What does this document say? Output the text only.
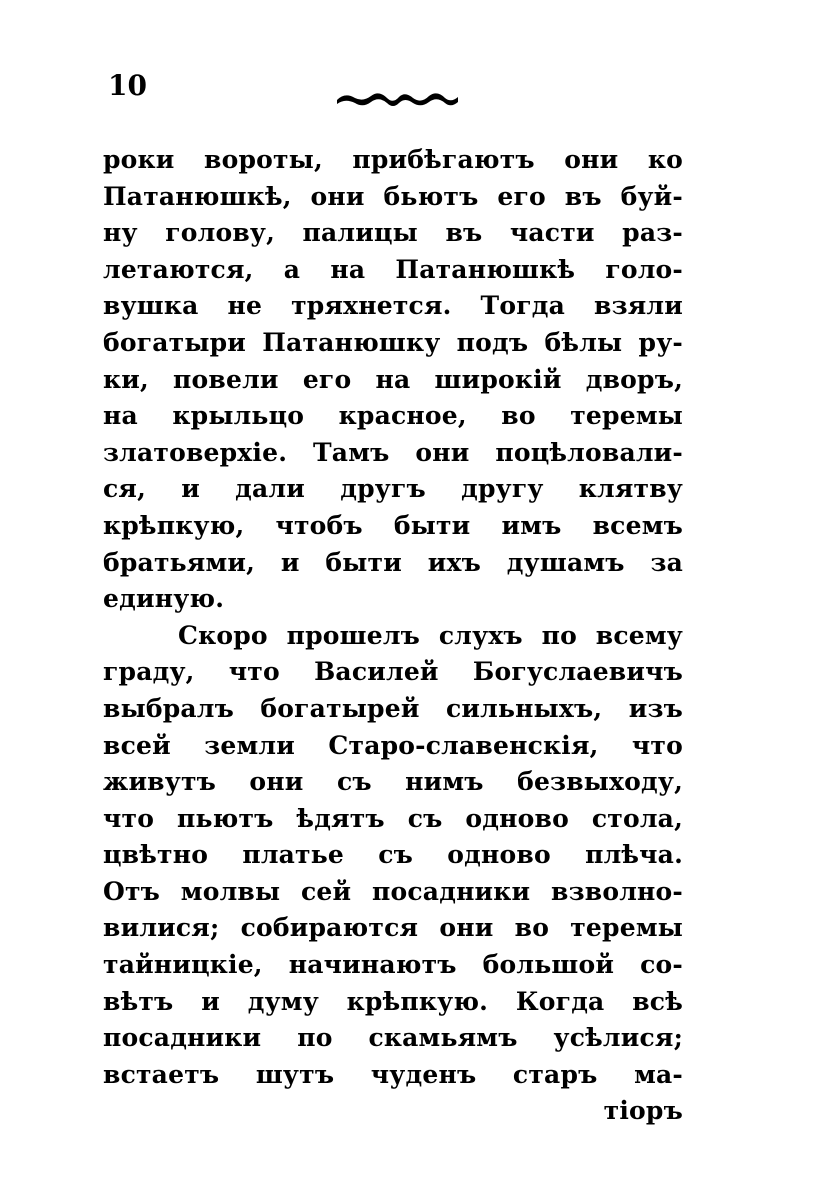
10
роки вороты, прибѣгаютъ они ко
Патанюшкѣ, они бьютъ его въ буй-
ну голову, палицы въ части раз-
летаются, а на Патанюшкѣ голо-
вушка не тряхнется. Тогда взяли
богатыри Патанюшку подъ бѣлы ру-
ки, повели его на широкій дворъ,
на крыльцо красное, во теремы
златоверхіе. Тамъ они поцѣловали-
ся, и дали другъ другу клятву
крѣпкую, чтобъ быти имъ всемъ
братьями, и быти ихъ душамъ за
единую.
Скоро прошелъ слухъ по всему
граду, что Василей Богуслаевичъ
выбралъ богатырей сильныхъ, изъ
всей земли Старо-славенскія, что
живутъ они съ нимъ безвыходу,
что пьютъ ѣдятъ съ одново стола,
цвѣтно платье съ одново плѣча.
Отъ молвы сей посадники взволно-
вилися; собираются они во теремы
тайницкіе, начинаютъ большой со-
вѣтъ и думу крѣпкую. Когда всѣ
посадники по скамьямъ усѣлися;
встаетъ шутъ чуденъ старъ ма-
тіоръ
